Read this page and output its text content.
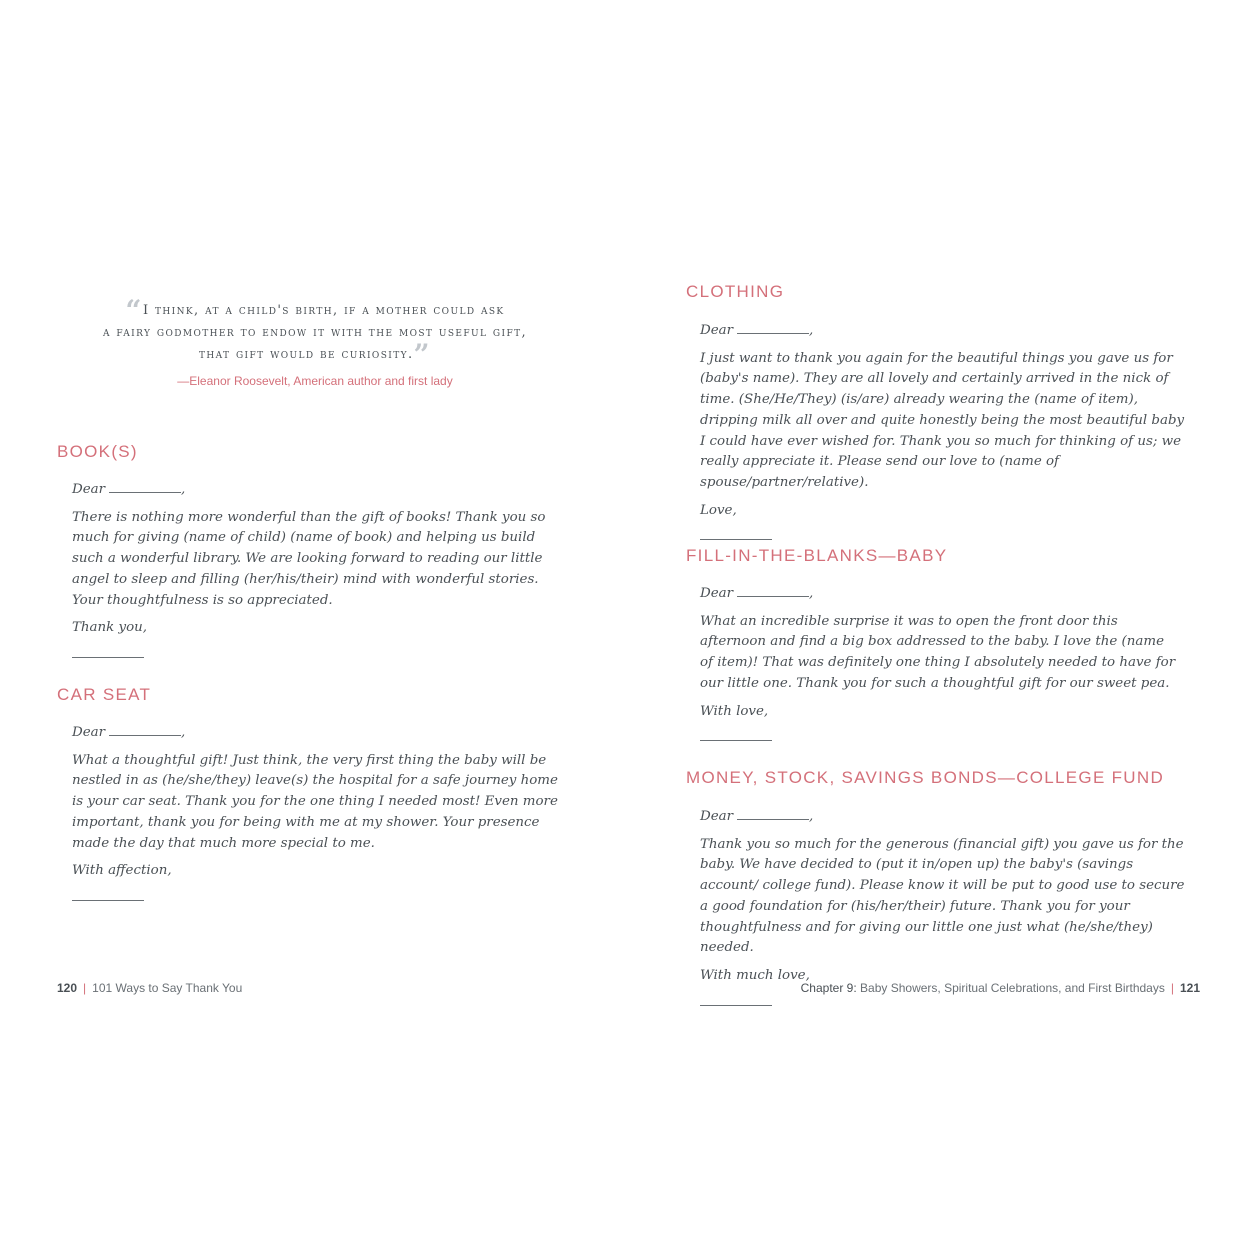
“I think, at a child's birth, if a mother could ask
a fairy godmother to endow it with the most useful gift,
that gift would be curiosity.”
—Eleanor Roosevelt, American author and first lady
BOOK(S)

Dear	,

There is nothing more wonderful than the gift of books! Thank you so much for giving (name of child) (name of book) and helping us build such a wonderful library. We are looking forward to reading our little angel to sleep and filling (her/his/their) mind with wonderful stories. Your thoughtfulness is so appreciated.

Thank you,

CAR SEAT

Dear	,

What a thoughtful gift! Just think, the very first thing the baby will be nestled in as (he/she/they) leave(s) the hospital for a safe journey home is your car seat. Thank you for the one thing I needed most! Even more important, thank you for being with me at my shower. Your presence made the day that much more special to me.

With affection,

120 | 101 Ways to Say Thank You
CLOTHING

Dear	,

I just want to thank you again for the beautiful things you gave us for (baby's name). They are all lovely and certainly arrived in the nick of time. (She/He/They) (is/are) already wearing the (name of item), dripping milk all over and quite honestly being the most beautiful baby I could have ever wished for. Thank you so much for thinking of us; we really appreciate it. Please send our love to (name of spouse/partner/relative).

Love,

FILL-IN-THE-BLANKS—BABY

Dear	,

What an incredible surprise it was to open the front door this afternoon and find a big box addressed to the baby. I love the (name of item)! That was definitely one thing I absolutely needed to have for our little one. Thank you for such a thoughtful gift for our sweet pea.

With love,

MONEY, STOCK, SAVINGS BONDS—COLLEGE FUND

Dear	,

Thank you so much for the generous (financial gift) you gave us for the baby. We have decided to (put it in/open up) the baby's (savings account/ college fund). Please know it will be put to good use to secure a good foundation for (his/her/their) future. Thank you for your thoughtfulness and for giving our little one just what (he/she/they) needed.

With much love,

Chapter 9: Baby Showers, Spiritual Celebrations, and First Birthdays | 121
